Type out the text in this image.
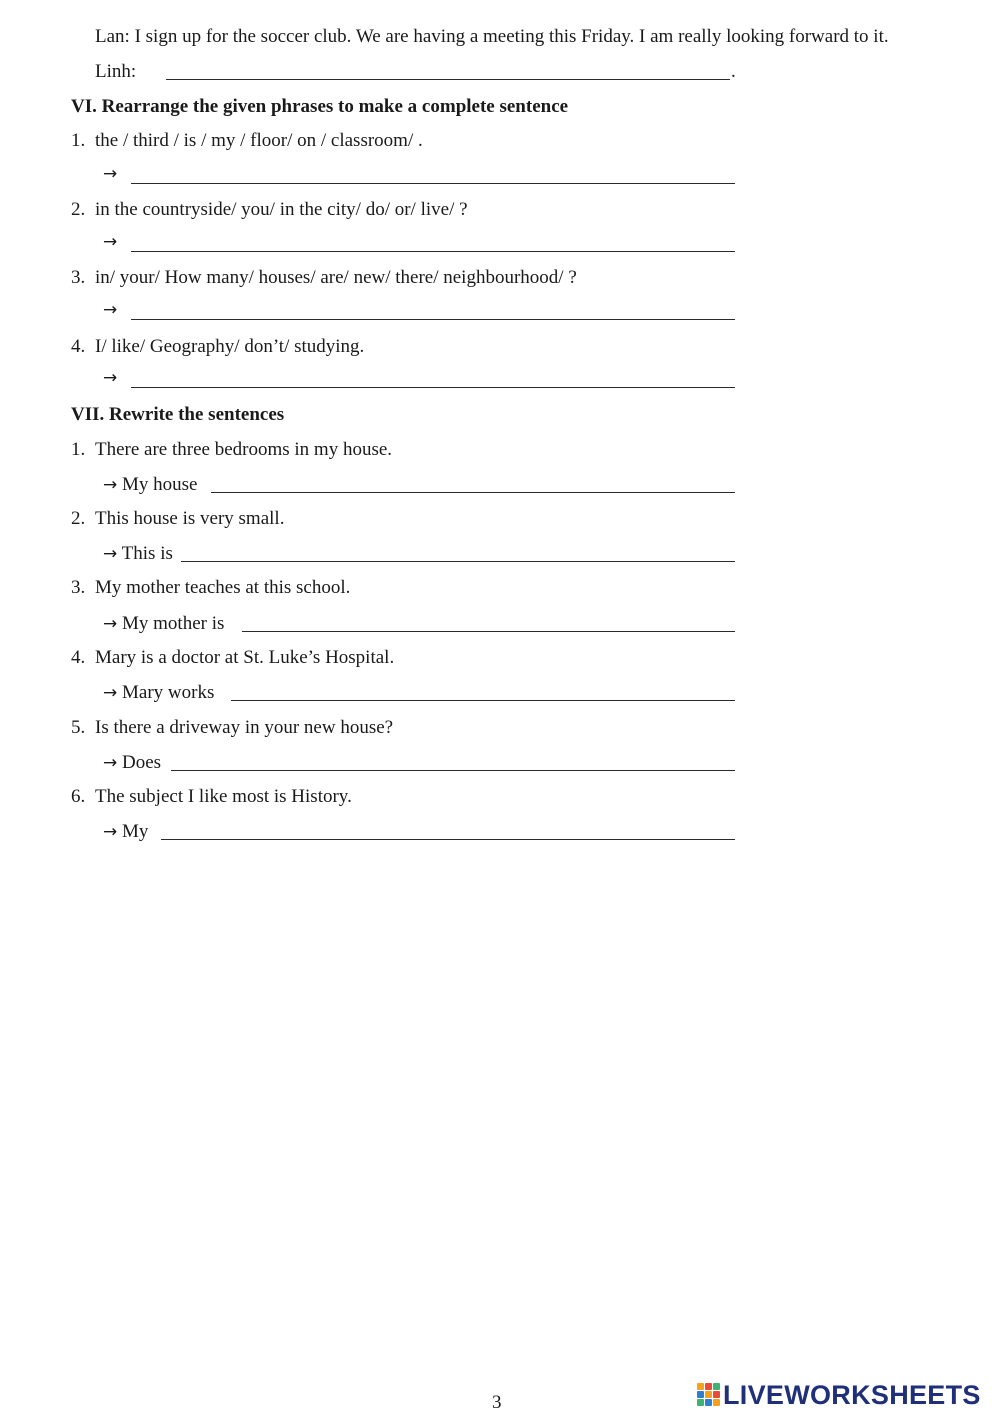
Lan: I sign up for the soccer club. We are having a meeting this Friday. I am really looking forward to it.
Linh:	.
VI. Rearrange the given phrases to make a complete sentence
1. the / third / is / my / floor/ on / classroom/ .
→
2. in the countryside/ you/ in the city/ do/ or/ live/ ?
→
3. in/ your/ How many/ houses/ are/ new/ there/ neighbourhood/ ?
→
4. I/ like/ Geography/ don’t/ studying.
→
VII. Rewrite the sentences
1. There are three bedrooms in my house.
→ My house
2. This house is very small.
→ This is
3. My mother teaches at this school.
→ My mother is
4. Mary is a doctor at St. Luke’s Hospital.
→ Mary works
5. Is there a driveway in your new house?
→ Does
6. The subject I like most is History.
→ My
3	LIVEWORKSHEETS
